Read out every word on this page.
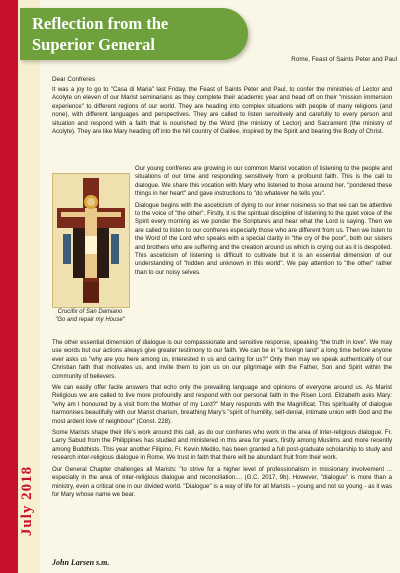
July 2018
Reflection from the
Superior General
Rome, Feast of Saints Peter and Paul
Dear Confreres

It was a joy to go to "Casa di Maria" last Friday, the Feast of Saints Peter and Paul, to confer the ministries of Lector and Acolyte on eleven of our Marist seminarians as they complete their academic year and head off on their "mission immersion experience" to different regions of our world. They are heading into complex situations with people of many religions (and none), with different languages and perspectives. They are called to listen sensitively and carefully to every person and situation and respond with a faith that is nourished by the Word (the ministry of Lector) and Sacrament (the ministry of Acolyte). They are like Mary heading off into the hill country of Galilee, inspired by the Spirit and bearing the Body of Christ.

Our young confreres are growing in our common Marist vocation of listening to the people and situations of our time and responding sensitively from a profound faith. This is the call to dialogue. We share this vocation with Mary who listened to those around her, "pondered these things in her heart" and gave instructions to "do whatever he tells you".

Dialogue begins with the asceticism of dying to our inner noisiness so that we can be attentive to the voice of "the other". Firstly, it is the spiritual discipline of listening to the quiet voice of the Spirit every morning as we ponder the Scriptures and hear what the Lord is saying. Then we are called to listen to our confreres especially those who are different from us. Then we listen to the Word of the Lord who speaks with a special clarity in "the cry of the poor", both our sisters and brothers who are suffering and the creation around us which is crying out as it is despoiled. This asceticism of listening is difficult to cultivate but it is an essential dimension of our understanding of "hidden and unknown in this world". We pay attention to "the other" rather than to our noisy selves.

Crucifix of San Damiano
"Go and repair my House"

The other essential dimension of dialogue is our compassionate and sensitive response, speaking "the truth in love". We may use words but our actions always give greater testimony to our faith. We can be in "a foreign land" a long time before anyone ever asks us "why are you here among us, interested in us and caring for us?" Only then may we speak authentically of our Christian faith that motivates us, and invite them to join us on our pilgrimage with the Father, Son and Spirit within the community of believers.

We can easily offer facile answers that echo only the prevailing language and opinions of everyone around us. As Marist Religious we are called to live more profoundly and respond with our personal faith in the Risen Lord. Elizabeth asks Mary: "why am I honoured by a visit from the Mother of my Lord?" Mary responds with the Magnificat. This spirituality of dialogue harmonises beautifully with our Marist charism, breathing Mary's "spirit of humility, self-denial, intimate union with God and the most ardent love of neighbour" (Const. 228).

Some Marists shape their life's work around this call, as do our confreres who work in the area of inter-religious dialogue. Fr. Larry Sabud from the Philippines has studied and ministered in this area for years, firstly among Muslims and more recently among Buddhists. This year another Filipino, Fr. Kevin Medilo, has been granted a full post-graduate scholarship to study and research inter-religious dialogue in Rome. We trust in faith that there will be abundant fruit from their work.

Our General Chapter challenges all Marists: "to strive for a higher level of professionalism in missionary involvement ... especially in the area of inter-religious dialogue and reconciliation.... (G.C. 2017, 9b). However, "dialogue" is more than a ministry, even a critical one in our divided world. "Dialogue" is a way of life for all Marists – young and not so young - as it was for Mary whose name we bear.

John Larsen s.m.
